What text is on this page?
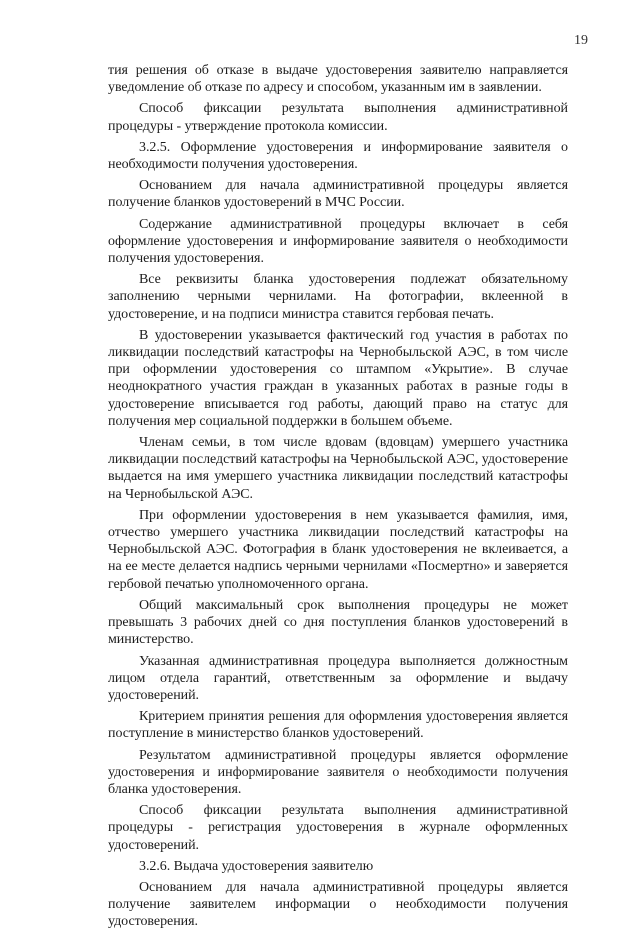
19

тия решения об отказе в выдаче удостоверения заявителю направляется уведомление об отказе по адресу и способом, указанным им в заявлении.

Способ фиксации результата выполнения административной процедуры - утверждение протокола комиссии.

3.2.5. Оформление удостоверения и информирование заявителя о необходимости получения удостоверения.

Основанием для начала административной процедуры является получение бланков удостоверений в МЧС России.

Содержание административной процедуры включает в себя оформление удостоверения и информирование заявителя о необходимости получения удостоверения.

Все реквизиты бланка удостоверения подлежат обязательному заполнению черными чернилами. На фотографии, вклеенной в удостоверение, и на подписи министра ставится гербовая печать.

В удостоверении указывается фактический год участия в работах по ликвидации последствий катастрофы на Чернобыльской АЭС, в том числе при оформлении удостоверения со штампом «Укрытие». В случае неоднократного участия граждан в указанных работах в разные годы в удостоверение вписывается год работы, дающий право на статус для получения мер социальной поддержки в большем объеме.

Членам семьи, в том числе вдовам (вдовцам) умершего участника ликвидации последствий катастрофы на Чернобыльской АЭС, удостоверение выдается на имя умершего участника ликвидации последствий катастрофы на Чернобыльской АЭС.

При оформлении удостоверения в нем указывается фамилия, имя, отчество умершего участника ликвидации последствий катастрофы на Чернобыльской АЭС. Фотография в бланк удостоверения не вклеивается, а на ее месте делается надпись черными чернилами «Посмертно» и заверяется гербовой печатью уполномоченного органа.

Общий максимальный срок выполнения процедуры не может превышать 3 рабочих дней со дня поступления бланков удостоверений в министерство.

Указанная административная процедура выполняется должностным лицом отдела гарантий, ответственным за оформление и выдачу удостоверений.

Критерием принятия решения для оформления удостоверения является поступление в министерство бланков удостоверений.

Результатом административной процедуры является оформление удостоверения и информирование заявителя о необходимости получения бланка удостоверения.

Способ фиксации результата выполнения административной процедуры - регистрация удостоверения в журнале оформленных удостоверений.

3.2.6. Выдача удостоверения заявителю

Основанием для начала административной процедуры является получение заявителем информации о необходимости получения удостоверения.
